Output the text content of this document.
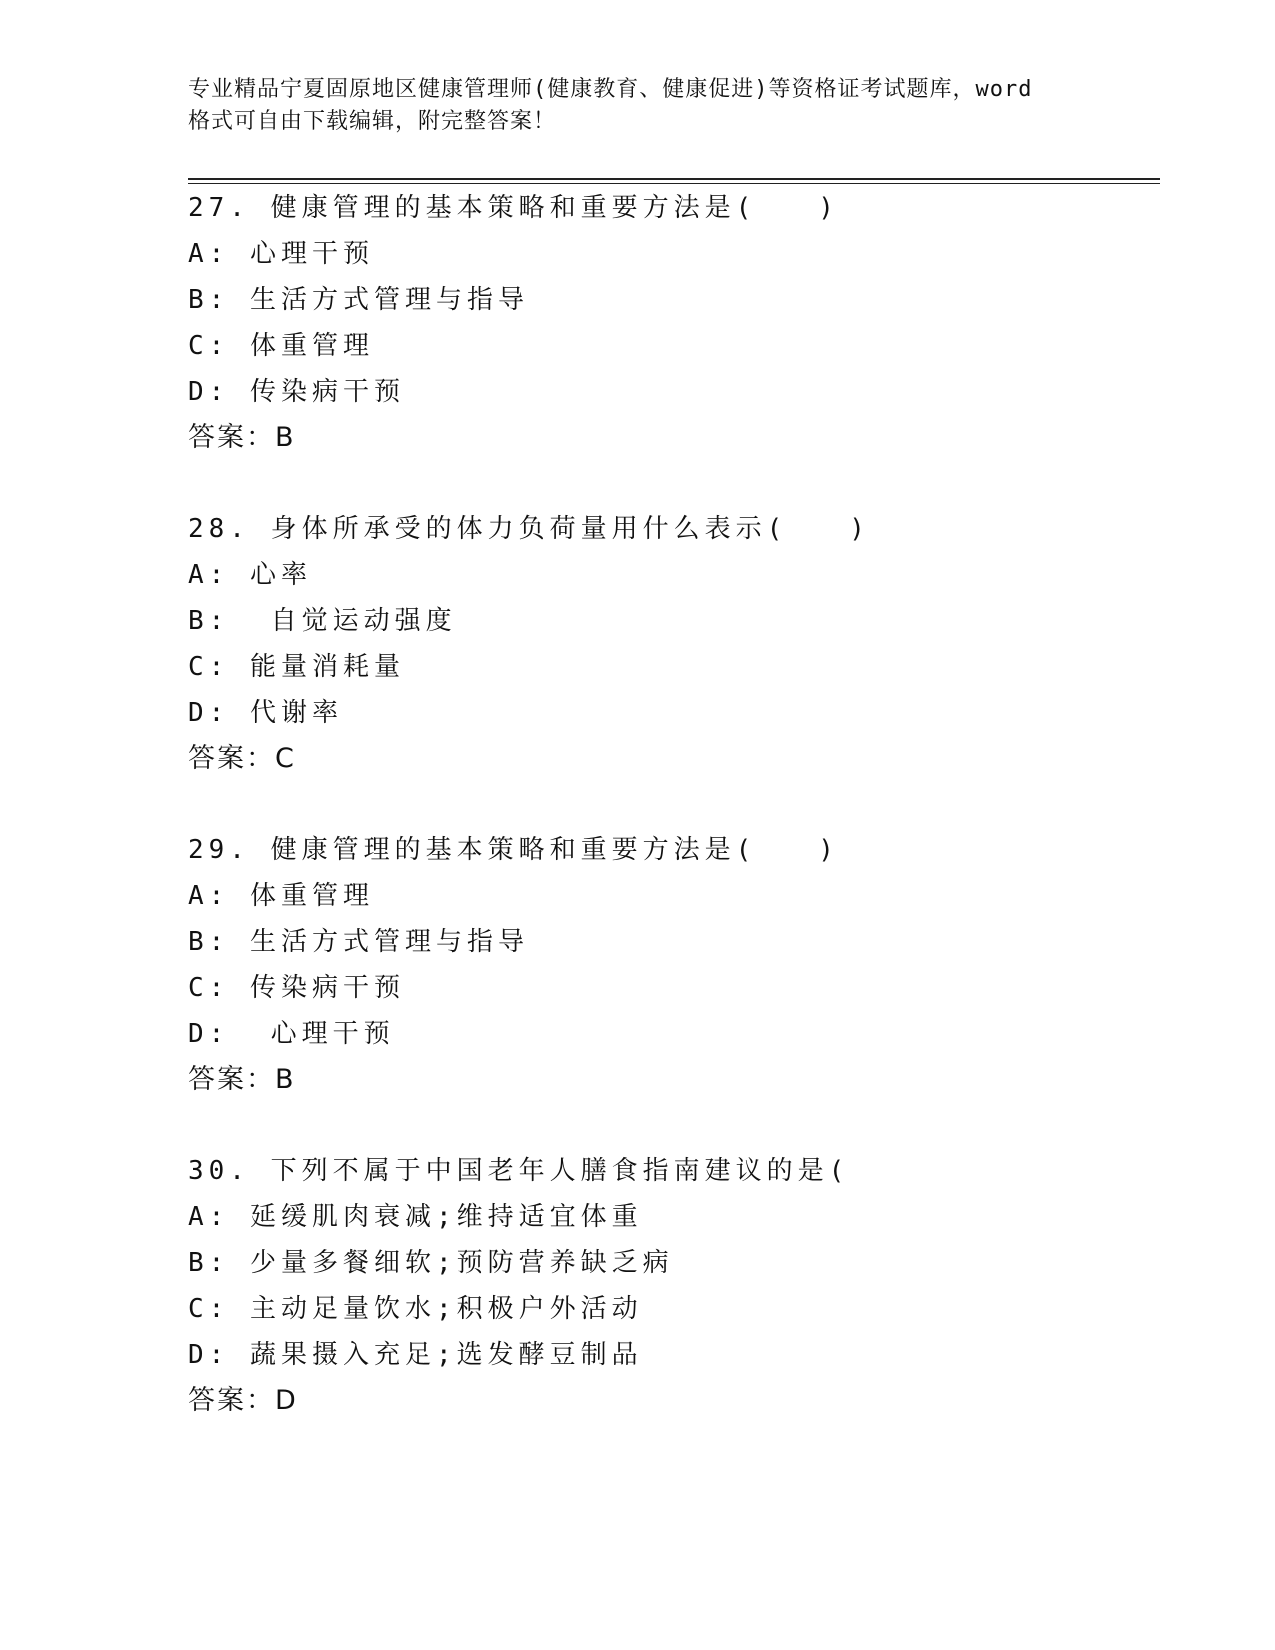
专业精品宁夏固原地区健康管理师(健康教育、健康促进)等资格证考试题库，word
格式可自由下载编辑，附完整答案！
27. 健康管理的基本策略和重要方法是(　　)
A: 心理干预
B: 生活方式管理与指导
C: 体重管理
D: 传染病干预
答案：B
28. 身体所承受的体力负荷量用什么表示(　　)
A: 心率
B:  自觉运动强度
C: 能量消耗量
D: 代谢率
答案：C
29. 健康管理的基本策略和重要方法是(　　)
A: 体重管理
B: 生活方式管理与指导
C: 传染病干预
D:  心理干预
答案：B
30. 下列不属于中国老年人膳食指南建议的是(
A: 延缓肌肉衰减;维持适宜体重
B: 少量多餐细软;预防营养缺乏病
C: 主动足量饮水;积极户外活动
D: 蔬果摄入充足;选发酵豆制品
答案：D
